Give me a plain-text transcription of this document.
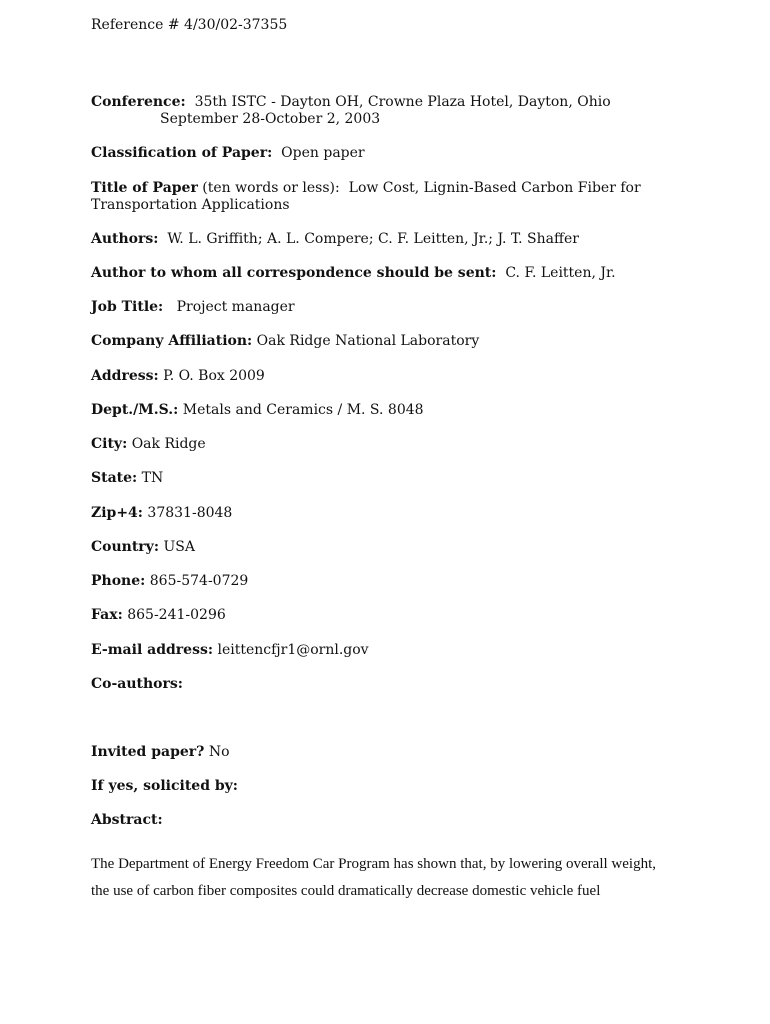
Reference # 4/30/02-37355
Conference: 35th ISTC - Dayton OH, Crowne Plaza Hotel, Dayton, Ohio
September 28-October 2, 2003
Classification of Paper: Open paper
Title of Paper (ten words or less): Low Cost, Lignin-Based Carbon Fiber for
Transportation Applications
Authors: W. L. Griffith; A. L. Compere; C. F. Leitten, Jr.; J. T. Shaffer
Author to whom all correspondence should be sent: C. F. Leitten, Jr.
Job Title: Project manager
Company Affiliation: Oak Ridge National Laboratory
Address: P. O. Box 2009
Dept./M.S.: Metals and Ceramics / M. S. 8048
City: Oak Ridge
State: TN
Zip+4: 37831-8048
Country: USA
Phone: 865-574-0729
Fax: 865-241-0296
E-mail address: leittencfjr1@ornl.gov
Co-authors:
Invited paper? No
If yes, solicited by:
Abstract:
The Department of Energy Freedom Car Program has shown that, by lowering overall weight,
the use of carbon fiber composites could dramatically decrease domestic vehicle fuel
